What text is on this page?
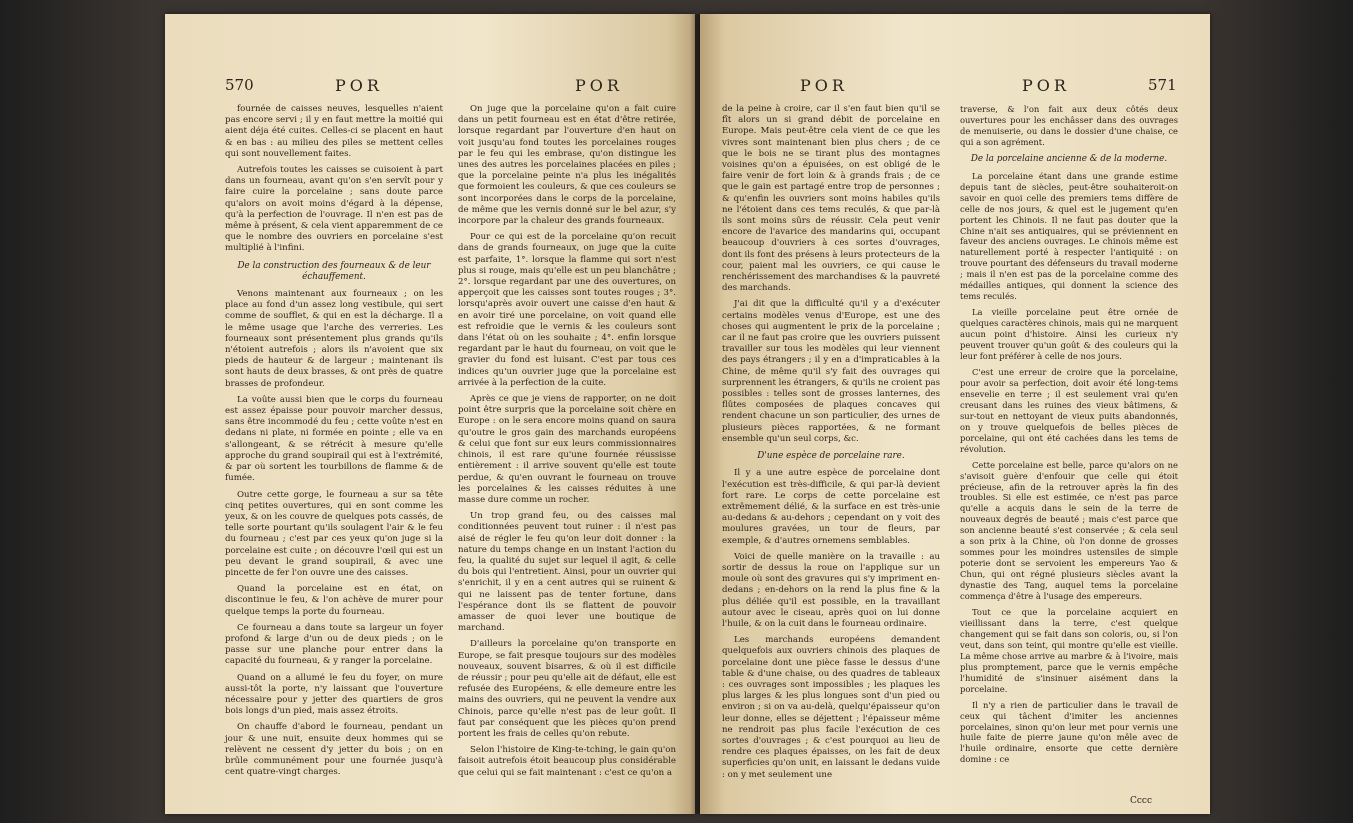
570	POR	POR

fournée de caisses neuves, lesquelles n'aient pas encore servi ; il y en faut mettre la moitié qui aient déja été cuites. Celles-ci se placent en haut & en bas : au milieu des piles se mettent celles qui sont nouvellement faites.

Autrefois toutes les caisses se cuisoient à part dans un fourneau, avant qu'on s'en servît pour y faire cuire la porcelaine ; sans doute parce qu'alors on avoit moins d'égard à la dépense, qu'à la perfection de l'ouvrage. Il n'en est pas de même à présent, & cela vient apparemment de ce que le nombre des ouvriers en porcelaine s'est multiplié à l'infini.

De la construction des fourneaux & de leur échauffement.

Venons maintenant aux fourneaux ; on les place au fond d'un assez long vestibule, qui sert comme de soufflet, & qui en est la décharge. Il a le même usage que l'arche des verreries. Les fourneaux sont présentement plus grands qu'ils n'étoient autrefois ; alors ils n'avoient que six pieds de hauteur & de largeur ; maintenant ils sont hauts de deux brasses, & ont près de quatre brasses de profondeur.

La voûte aussi bien que le corps du fourneau est assez épaisse pour pouvoir marcher dessus, sans être incommodé du feu ; cette voûte n'est en dedans ni plate, ni formée en pointe ; elle va en s'allongeant, & se rétrécit à mesure qu'elle approche du grand soupirail qui est à l'extrémité, & par où sortent les tourbillons de flamme & de fumée.

Outre cette gorge, le fourneau a sur sa tête cinq petites ouvertures, qui en sont comme les yeux, & on les couvre de quelques pots cassés, de telle sorte pourtant qu'ils soulagent l'air & le feu du fourneau ; c'est par ces yeux qu'on juge si la porcelaine est cuite ; on découvre l'œil qui est un peu devant le grand soupirail, & avec une pincette de fer l'on ouvre une des caisses.

Quand la porcelaine est en état, on discontinue le feu, & l'on achève de murer pour quelque temps la porte du fourneau.

Ce fourneau a dans toute sa largeur un foyer profond & large d'un ou de deux pieds ; on le passe sur une planche pour entrer dans la capacité du fourneau, & y ranger la porcelaine.

Quand on a allumé le feu du foyer, on mure aussi-tôt la porte, n'y laissant que l'ouverture nécessaire pour y jetter des quartiers de gros bois longs d'un pied, mais assez étroits.

On chauffe d'abord le fourneau, pendant un jour & une nuit, ensuite deux hommes qui se relèvent ne cessent d'y jetter du bois ; on en brûle communément pour une fournée jusqu'à cent quatre-vingt charges.

On juge que la porcelaine qu'on a fait cuire dans un petit fourneau est en état d'être retirée, lorsque regardant par l'ouverture d'en haut on voit jusqu'au fond toutes les porcelaines rouges par le feu qui les embrase, qu'on distingue les unes des autres les porcelaines placées en piles ; que la porcelaine peinte n'a plus les inégalités que formoient les couleurs, & que ces couleurs se sont incorporées dans le corps de la porcelaine, de même que les vernis donné sur le bel azur, s'y incorpore par la chaleur des grands fourneaux.

Pour ce qui est de la porcelaine qu'on recuit dans de grands fourneaux, on juge que la cuite est parfaite, 1°. lorsque la flamme qui sort n'est plus si rouge, mais qu'elle est un peu blanchâtre ; 2°. lorsque regardant par une des ouvertures, on apperçoit que les caisses sont toutes rouges ; 3°. lorsqu'après avoir ouvert une caisse d'en haut & en avoir tiré une porcelaine, on voit quand elle est refroidie que le vernis & les couleurs sont dans l'état où on les souhaite ; 4°. enfin lorsque regardant par le haut du fourneau, on voit que le gravier du fond est luisant. C'est par tous ces indices qu'un ouvrier juge que la porcelaine est arrivée à la perfection de la cuite.

Après ce que je viens de rapporter, on ne doit point être surpris que la porcelaine soit chère en Europe : on le sera encore moins quand on saura qu'outre le gros gain des marchands européens & celui que font sur eux leurs commissionnaires chinois, il est rare qu'une fournée réussisse entièrement : il arrive souvent qu'elle est toute perdue, & qu'en ouvrant le fourneau on trouve les porcelaines & les caisses réduites à une masse dure comme un rocher.

Un trop grand feu, ou des caisses mal conditionnées peuvent tout ruiner : il n'est pas aisé de régler le feu qu'on leur doit donner : la nature du temps change en un instant l'action du feu, la qualité du sujet sur lequel il agit, & celle du bois qui l'entretient. Ainsi, pour un ouvrier qui s'enrichit, il y en a cent autres qui se ruinent & qui ne laissent pas de tenter fortune, dans l'espérance dont ils se flattent de pouvoir amasser de quoi lever une boutique de marchand.

D'ailleurs la porcelaine qu'on transporte en Europe, se fait presque toujours sur des modèles nouveaux, souvent bisarres, & où il est difficile de réussir ; pour peu qu'elle ait de défaut, elle est refusée des Européens, & elle demeure entre les mains des ouvriers, qui ne peuvent la vendre aux Chinois, parce qu'elle n'est pas de leur goût. Il faut par conséquent que les pièces qu'on prend portent les frais de celles qu'on rebute.

Selon l'histoire de King-te-tching, le gain qu'on faisoit autrefois étoit beaucoup plus considérable que celui qui se fait maintenant : c'est ce qu'on a

POR	POR	571

de la peine à croire, car il s'en faut bien qu'il se fît alors un si grand débit de porcelaine en Europe. Mais peut-être cela vient de ce que les vivres sont maintenant bien plus chers ; de ce que le bois ne se tirant plus des montagnes voisines qu'on a épuisées, on est obligé de le faire venir de fort loin & à grands frais ; de ce que le gain est partagé entre trop de personnes ; & qu'enfin les ouvriers sont moins habiles qu'ils ne l'étoient dans ces tems reculés, & que par-là ils sont moins sûrs de réussir. Cela peut venir encore de l'avarice des mandarins qui, occupant beaucoup d'ouvriers à ces sortes d'ouvrages, dont ils font des présens à leurs protecteurs de la cour, paient mal les ouvriers, ce qui cause le renchérissement des marchandises & la pauvreté des marchands.

J'ai dit que la difficulté qu'il y a d'exécuter certains modèles venus d'Europe, est une des choses qui augmentent le prix de la porcelaine ; car il ne faut pas croire que les ouvriers puissent travailler sur tous les modèles qui leur viennent des pays étrangers ; il y en a d'impraticables à la Chine, de même qu'il s'y fait des ouvrages qui surprennent les étrangers, & qu'ils ne croient pas possibles : telles sont de grosses lanternes, des flûtes composées de plaques concaves qui rendent chacune un son particulier, des urnes de plusieurs pièces rapportées, & ne formant ensemble qu'un seul corps, &c.

D'une espèce de porcelaine rare.

Il y a une autre espèce de porcelaine dont l'exécution est très-difficile, & qui par-là devient fort rare. Le corps de cette porcelaine est extrêmement délié, & la surface en est très-unie au-dedans & au-dehors ; cependant on y voit des moulures gravées, un tour de fleurs, par exemple, & d'autres ornemens semblables.

Voici de quelle manière on la travaille : au sortir de dessus la roue on l'applique sur un moule où sont des gravures qui s'y impriment en-dedans ; en-dehors on la rend la plus fine & la plus déliée qu'il est possible, en la travaillant autour avec le ciseau, après quoi on lui donne l'huile, & on la cuit dans le fourneau ordinaire.

Les marchands européens demandent quelquefois aux ouvriers chinois des plaques de porcelaine dont une pièce fasse le dessus d'une table & d'une chaise, ou des quadres de tableaux : ces ouvrages sont impossibles ; les plaques les plus larges & les plus longues sont d'un pied ou environ ; si on va au-delà, quelqu'épaisseur qu'on leur donne, elles se déjettent ; l'épaisseur même ne rendroit pas plus facile l'exécution de ces sortes d'ouvrages ; & c'est pourquoi au lieu de rendre ces plaques épaisses, on les fait de deux superficies qu'on unit, en laissant le dedans vuide : on y met seulement une

traverse, & l'on fait aux deux côtés deux ouvertures pour les enchâsser dans des ouvrages de menuiserie, ou dans le dossier d'une chaise, ce qui a son agrément.

De la porcelaine ancienne & de la moderne.

La porcelaine étant dans une grande estime depuis tant de siècles, peut-être souhaiteroit-on savoir en quoi celle des premiers tems diffère de celle de nos jours, & quel est le jugement qu'en portent les Chinois. Il ne faut pas douter que la Chine n'ait ses antiquaires, qui se préviennent en faveur des anciens ouvrages. Le chinois même est naturellement porté à respecter l'antiquité : on trouve pourtant des défenseurs du travail moderne ; mais il n'en est pas de la porcelaine comme des médailles antiques, qui donnent la science des tems reculés.

La vieille porcelaine peut être ornée de quelques caractères chinois, mais qui ne marquent aucun point d'histoire. Ainsi les curieux n'y peuvent trouver qu'un goût & des couleurs qui la leur font préférer à celle de nos jours.

C'est une erreur de croire que la porcelaine, pour avoir sa perfection, doit avoir été long-tems ensevelie en terre ; il est seulement vrai qu'en creusant dans les ruines des vieux bâtimens, & sur-tout en nettoyant de vieux puits abandonnés, on y trouve quelquefois de belles pièces de porcelaine, qui ont été cachées dans les tems de révolution.

Cette porcelaine est belle, parce qu'alors on ne s'avisoit guère d'enfouir que celle qui étoit précieuse, afin de la retrouver après la fin des troubles. Si elle est estimée, ce n'est pas parce qu'elle a acquis dans le sein de la terre de nouveaux degrés de beauté ; mais c'est parce que son ancienne beauté s'est conservée ; & cela seul a son prix à la Chine, où l'on donne de grosses sommes pour les moindres ustensiles de simple poterie dont se servoient les empereurs Yao & Chun, qui ont régné plusieurs siècles avant la dynastie des Tang, auquel tems la porcelaine commença d'être à l'usage des empereurs.

Tout ce que la porcelaine acquiert en vieillissant dans la terre, c'est quelque changement qui se fait dans son coloris, ou, si l'on veut, dans son teint, qui montre qu'elle est vieille. La même chose arrive au marbre & à l'ivoire, mais plus promptement, parce que le vernis empêche l'humidité de s'insinuer aisément dans la porcelaine.

Il n'y a rien de particulier dans le travail de ceux qui tâchent d'imiter les anciennes porcelaines, sinon qu'on leur met pour vernis une huile faite de pierre jaune qu'on mêle avec de l'huile ordinaire, ensorte que cette dernière domine : ce

Cccc
